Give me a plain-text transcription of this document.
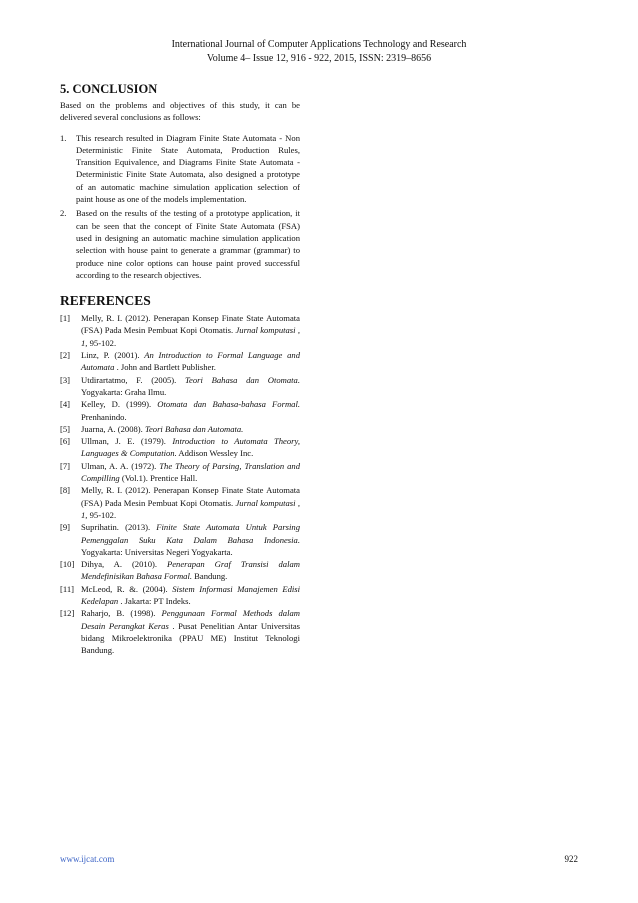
International Journal of Computer Applications Technology and Research
Volume 4– Issue 12, 916 - 922, 2015, ISSN: 2319–8656
5. CONCLUSION

Based on the problems and objectives of this study, it can be delivered several conclusions as follows:

1. This research resulted in Diagram Finite State Automata - Non Deterministic Finite State Automata, Production Rules, Transition Equivalence, and Diagrams Finite State Automata - Deterministic Finite State Automata, also designed a prototype of an automatic machine simulation application selection of paint house as one of the models implementation.
2. Based on the results of the testing of a prototype application, it can be seen that the concept of Finite State Automata (FSA) used in designing an automatic machine simulation application selection with house paint to generate a grammar (grammar) to produce nine color options can house paint proved successful according to the research objectives.
REFERENCES
[1] Melly, R. I. (2012). Penerapan Konsep Finate State Automata (FSA) Pada Mesin Pembuat Kopi Otomatis. Jurnal komputasi , 1, 95-102.
[2] Linz, P. (2001). An Introduction to Formal Language and Automata . John and Bartlett Publisher.
[3] Utdirartatmo, F. (2005). Teori Bahasa dan Otomata. Yogyakarta: Graha Ilmu.
[4] Kelley, D. (1999). Otomata dan Bahasa-bahasa Formal. Prenhanindo.
[5] Juarna, A. (2008). Teori Bahasa dan Automata.
[6] Ullman, J. E. (1979). Introduction to Automata Theory, Languages & Computation. Addison Wessley Inc.
[7] Ulman, A. A. (1972). The Theory of Parsing, Translation and Compilling (Vol.1). Prentice Hall.
[8] Melly, R. I. (2012). Penerapan Konsep Finate State Automata (FSA) Pada Mesin Pembuat Kopi Otomatis. Jurnal komputasi , 1, 95-102.
[9] Suprihatin. (2013). Finite State Automata Untuk Parsing Pemenggalan Suku Kata Dalam Bahasa Indonesia. Yogyakarta: Universitas Negeri Yogyakarta.
[10] Dihya, A. (2010). Penerapan Graf Transisi dalam Mendefinisikan Bahasa Formal. Bandung.
[11] McLeod, R. &. (2004). Sistem Informasi Manajemen Edisi Kedelapan . Jakarta: PT Indeks.
[12] Raharjo, B. (1998). Penggunaan Formal Methods dalam Desain Perangkat Keras . Pusat Penelitian Antar Universitas bidang Mikroelektronika (PPAU ME) Institut Teknologi Bandung.
www.ijcat.com	922
